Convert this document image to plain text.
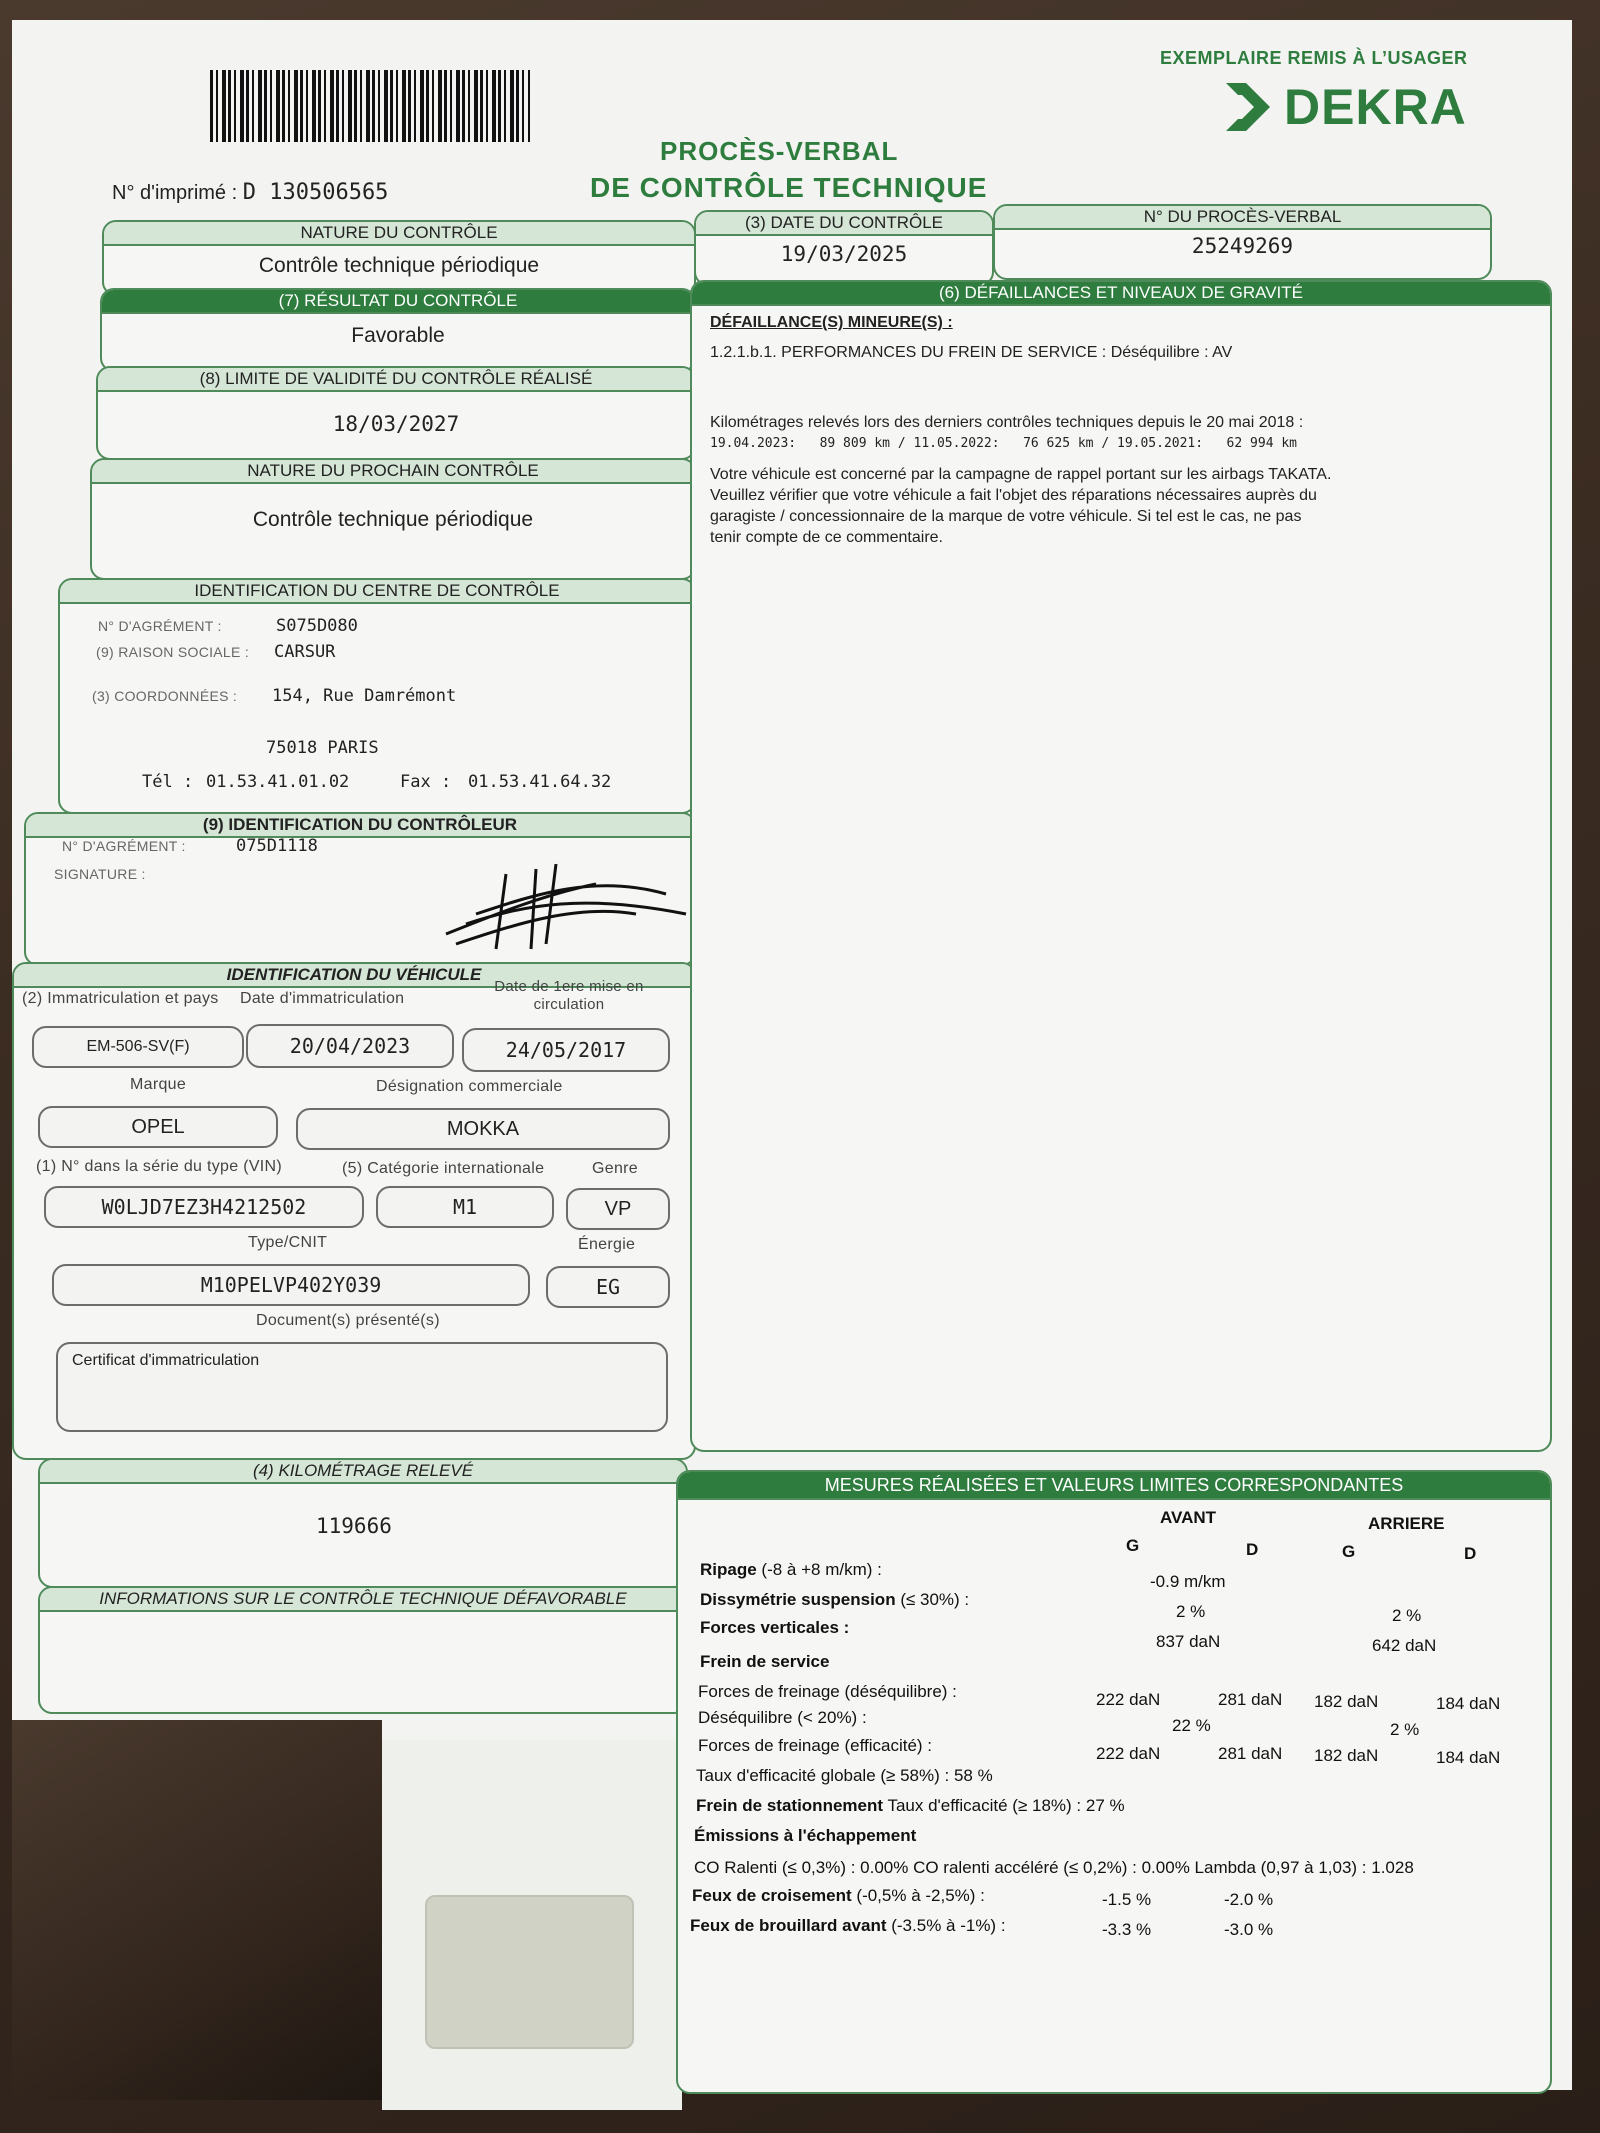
EXEMPLAIRE REMIS À L’USAGER
DEKRA
PROCÈS-VERBAL
DE CONTRÔLE TECHNIQUE
N° d'imprimé : D 130506565
NATURE DU CONTRÔLE
Contrôle technique périodique
(3) DATE DU CONTRÔLE
19/03/2025
N° DU PROCÈS-VERBAL
25249269
(7) RÉSULTAT DU CONTRÔLE
Favorable
(8) LIMITE DE VALIDITÉ DU CONTRÔLE RÉALISÉ
18/03/2027
NATURE DU PROCHAIN CONTRÔLE
Contrôle technique périodique
IDENTIFICATION DU CENTRE DE CONTRÔLE
N° D'AGRÉMENT :	S075D080
(9) RAISON SOCIALE : CARSUR
(3) COORDONNÉES : 154, Rue Damrémont
75018 PARIS
Tél : 01.53.41.01.02	Fax : 01.53.41.64.32
(9) IDENTIFICATION DU CONTRÔLEUR
N° D'AGRÉMENT :	075D1118
SIGNATURE :
IDENTIFICATION DU VÉHICULE
(2) Immatriculation et pays Date d'immatriculation
Date de 1ere mise en circulation
EM-506-SV(F)	20/04/2023	24/05/2017
Marque	Désignation commerciale
OPEL	MOKKA
(1) N° dans la série du type (VIN)	(5) Catégorie internationale	Genre
W0LJD7EZ3H4212502	M1	VP
Type/CNIT	Énergie
M10PELVP402Y039	EG
Document(s) présenté(s)
Certificat d'immatriculation
(4) KILOMÉTRAGE RELEVÉ
119666
INFORMATIONS SUR LE CONTRÔLE TECHNIQUE DÉFAVORABLE
(6) DÉFAILLANCES ET NIVEAUX DE GRAVITÉ
DÉFAILLANCE(S) MINEURE(S) :
1.2.1.b.1. PERFORMANCES DU FREIN DE SERVICE : Déséquilibre : AV
Kilométrages relevés lors des derniers contrôles techniques depuis le 20 mai 2018 :
19.04.2023:   89 809 km / 11.05.2022:   76 625 km / 19.05.2021:   62 994 km
Votre véhicule est concerné par la campagne de rappel portant sur les airbags TAKATA.
Veuillez vérifier que votre véhicule a fait l'objet des réparations nécessaires auprès du
garagiste / concessionnaire de la marque de votre véhicule. Si tel est le cas, ne pas
tenir compte de ce commentaire.
MESURES RÉALISÉES ET VALEURS LIMITES CORRESPONDANTES
AVANT	ARRIERE
G	D	G	D
Ripage (-8 à +8 m/km) :
-0.9 m/km
Dissymétrie suspension (≤ 30%) :
2 %	2 %
Forces verticales :
837 daN	642 daN
Frein de service
Forces de freinage (déséquilibre) :	222 daN	281 daN 182 daN	184 daN
Déséquilibre (< 20%) :	22 %	2 %
Forces de freinage (efficacité) :	222 daN	281 daN 182 daN	184 daN
Taux d'efficacité globale (≥ 58%) : 58 %
Frein de stationnement Taux d'efficacité (≥ 18%) : 27 %
Émissions à l'échappement
CO Ralenti (≤ 0,3%) : 0.00% CO ralenti accéléré (≤ 0,2%) : 0.00% Lambda (0,97 à 1,03) : 1.028
Feux de croisement (-0,5% à -2,5%) :	-1.5 %	-2.0 %
Feux de brouillard avant (-3.5% à -1%) :	-3.3 %	-3.0 %
